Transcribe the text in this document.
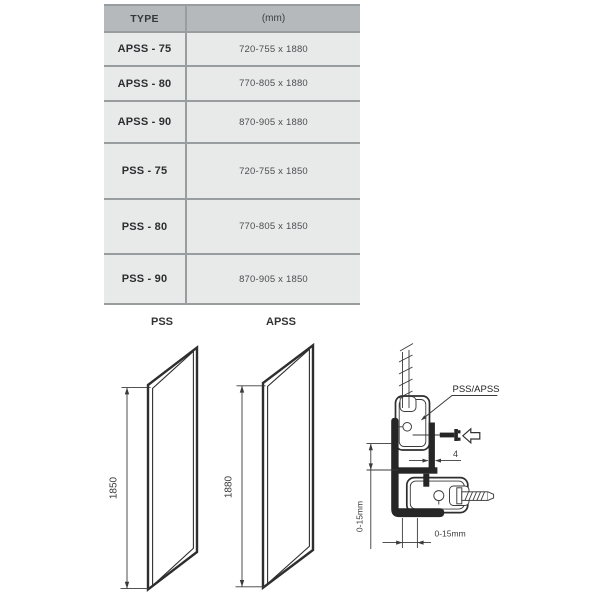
TYPE	(mm)
APSS - 75	720-755 x 1880
APSS - 80	770-805 x 1880
APSS - 90	870-905 x 1880
PSS - 75	720-755 x 1850
PSS - 80	770-805 x 1850
PSS - 90	870-905 x 1850
PSS	APSS
1850	1880
PSS/APSS
4
0-15mm
0-15mm
